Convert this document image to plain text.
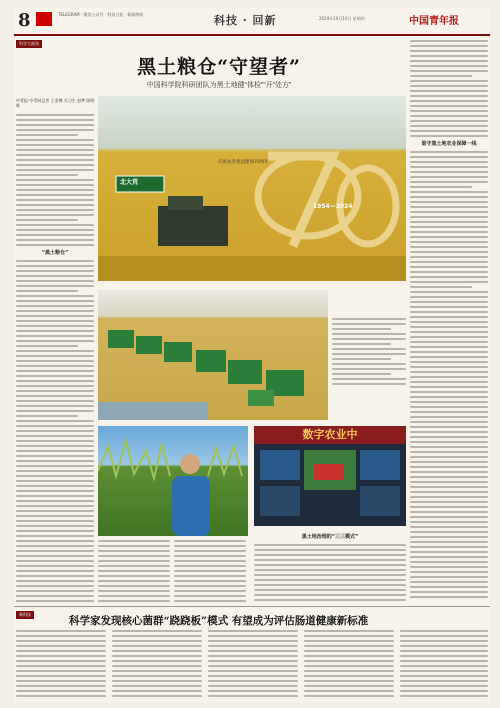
8	TELEGRAM · 微信公众号 · 科技日报 · 新闻热线	科技 · 回新	2024年10月10日 星期四	中国青年报
科学大视角
黑土粮仓“守望者”
中国科学院科研团队为黑土地健“体检”“开”处方”
中青报·中青网记者 王金博 实习生 赵梦 陈明辉
“黑土粮仓”
谁守黑土地农业保障一线
庆祝农垦集团建场70周年
北大荒
1954—2024
数字农业中
黑土地治理的“三三模式”
新科技
科学家发现核心菌群“跷跷板”模式 有望成为评估肠道健康新标准
